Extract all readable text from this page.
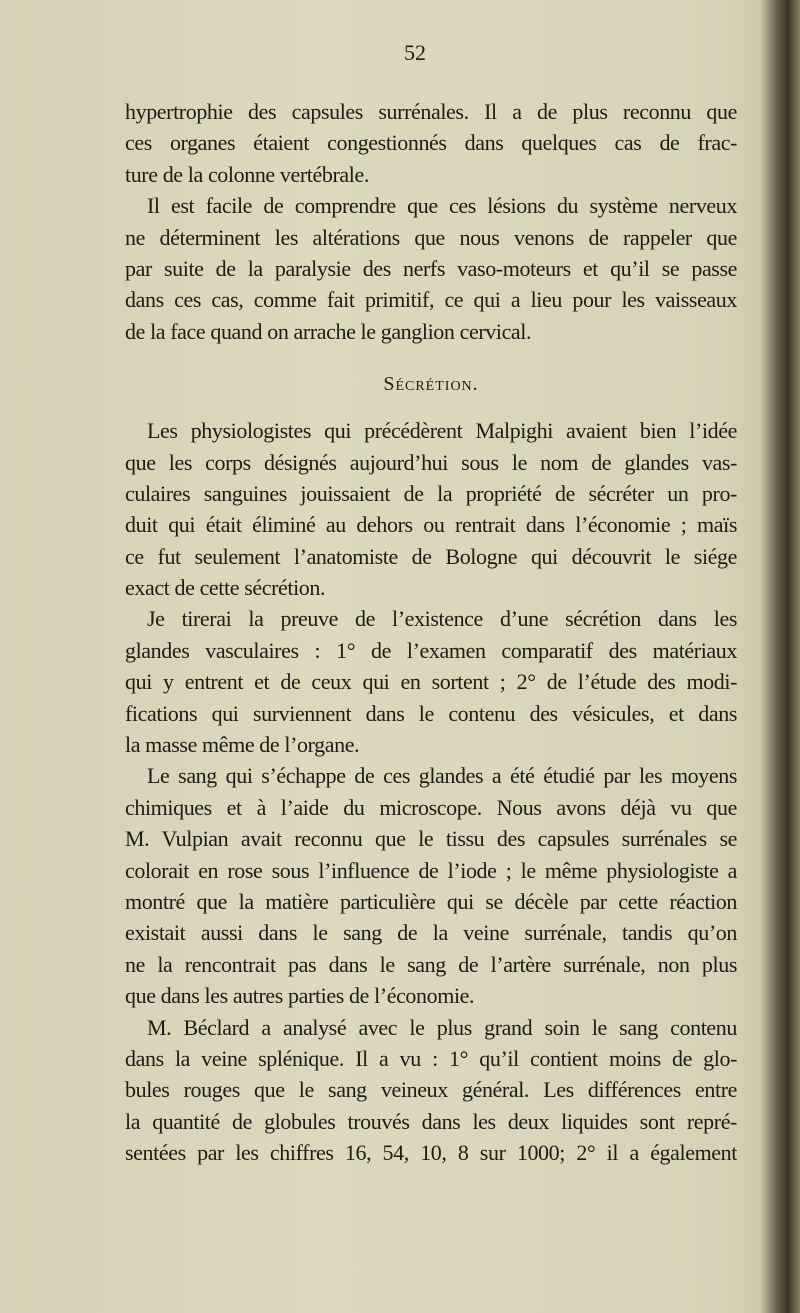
52
hypertrophie des capsules surrénales. Il a de plus reconnu que
ces organes étaient congestionnés dans quelques cas de frac-
ture de la colonne vertébrale.
Il est facile de comprendre que ces lésions du système nerveux
ne déterminent les altérations que nous venons de rappeler que
par suite de la paralysie des nerfs vaso-moteurs et qu’il se passe
dans ces cas, comme fait primitif, ce qui a lieu pour les vaisseaux
de la face quand on arrache le ganglion cervical.
Sécrétion.
Les physiologistes qui précédèrent Malpighi avaient bien l’idée
que les corps désignés aujourd’hui sous le nom de glandes vas-
culaires sanguines jouissaient de la propriété de sécréter un pro-
duit qui était éliminé au dehors ou rentrait dans l’économie ; maïs
ce fut seulement l’anatomiste de Bologne qui découvrit le siége
exact de cette sécrétion.
Je tirerai la preuve de l’existence d’une sécrétion dans les
glandes vasculaires : 1° de l’examen comparatif des matériaux
qui y entrent et de ceux qui en sortent ; 2° de l’étude des modi-
fications qui surviennent dans le contenu des vésicules, et dans
la masse même de l’organe.
Le sang qui s’échappe de ces glandes a été étudié par les moyens
chimiques et à l’aide du microscope. Nous avons déjà vu que
M. Vulpian avait reconnu que le tissu des capsules surrénales se
colorait en rose sous l’influence de l’iode ; le même physiologiste a
montré que la matière particulière qui se décèle par cette réaction
existait aussi dans le sang de la veine surrénale, tandis qu’on
ne la rencontrait pas dans le sang de l’artère surrénale, non plus
que dans les autres parties de l’économie.
M. Béclard a analysé avec le plus grand soin le sang contenu
dans la veine splénique. Il a vu : 1° qu’il contient moins de glo-
bules rouges que le sang veineux général. Les différences entre
la quantité de globules trouvés dans les deux liquides sont repré-
sentées par les chiffres 16, 54, 10, 8 sur 1000; 2° il a également
